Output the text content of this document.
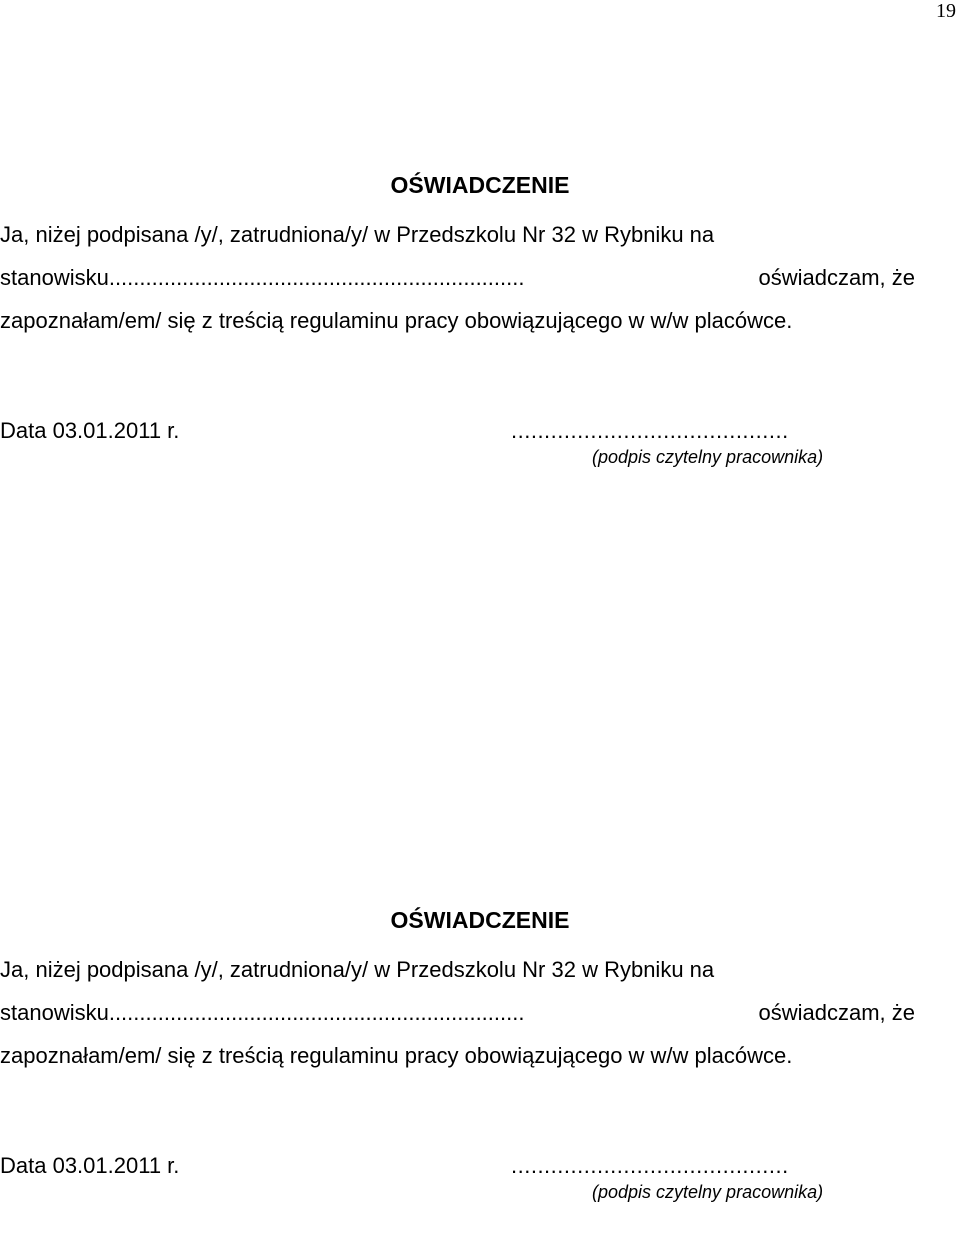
19
OŚWIADCZENIE
Ja, niżej podpisana /y/, zatrudniona/y/ w Przedszkolu Nr 32 w Rybniku na
stanowisku....................................................................	oświadczam, że
zapoznałam/em/ się z treścią regulaminu pracy obowiązującego w w/w placówce.
Data 03.01.2011 r.	..........................................
(podpis czytelny pracownika)
OŚWIADCZENIE
Ja, niżej podpisana /y/, zatrudniona/y/ w Przedszkolu Nr 32 w Rybniku na
stanowisku....................................................................	oświadczam, że
zapoznałam/em/ się z treścią regulaminu pracy obowiązującego w w/w placówce.
Data 03.01.2011 r.	..........................................
(podpis czytelny pracownika)
